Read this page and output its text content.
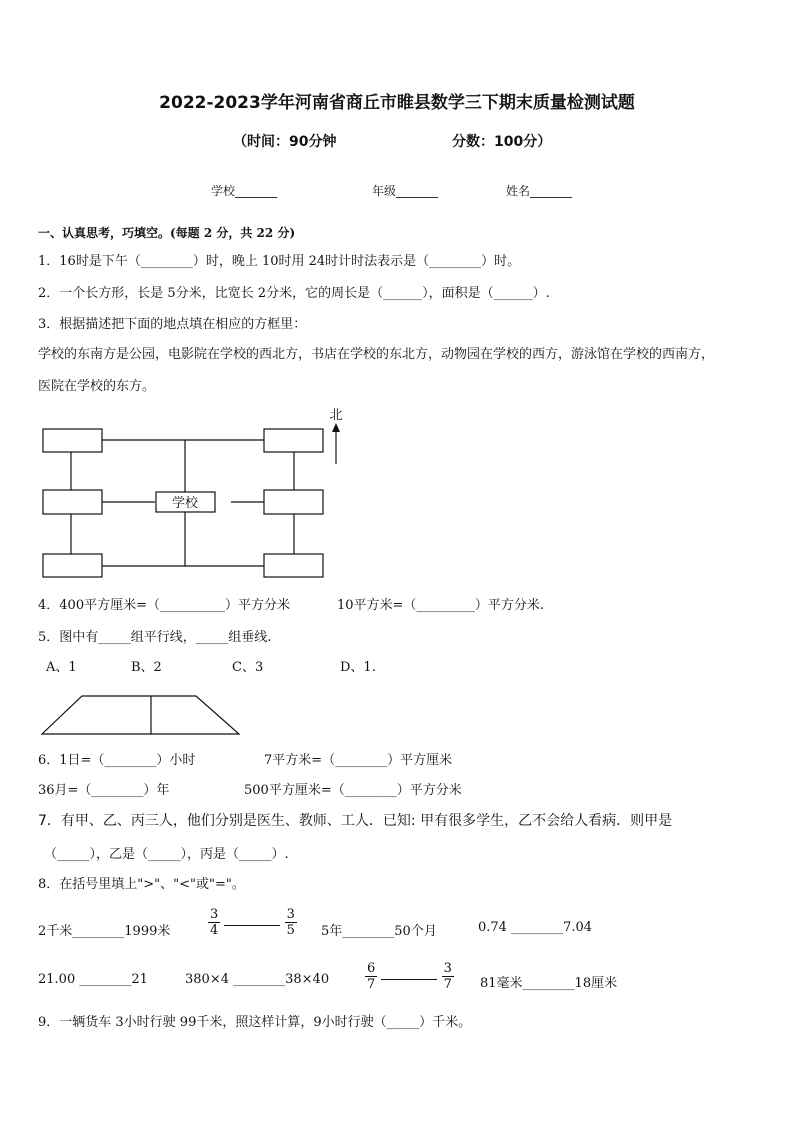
2022-2023学年河南省商丘市睢县数学三下期末质量检测试题
（时间：90分钟	分数：100分）
学校_______	年级_______	姓名_______
一、认真思考，巧填空。(每题 2 分，共 22 分)
1．16时是下午（________）时，晚上 10时用 24时计时法表示是（________）时。
2．一个长方形，长是 5分米，比宽长 2分米，它的周长是（______），面积是（______）.
3．根据描述把下面的地点填在相应的方框里：
学校的东南方是公园，电影院在学校的西北方，书店在学校的东北方，动物园在学校的西方，游泳馆在学校的西南方，
医院在学校的东方。
学校
北
4．400平方厘米=（__________）平方分米	10平方米=（_________）平方分米.
5．图中有_____组平行线，_____组垂线.
A、1	B、2	C、3	D、1.
6．1日=（________）小时	7平方米=（________）平方厘米
36月=（________）年	500平方厘米=（________）平方分米
7．有甲、乙、丙三人，他们分别是医生、教师、工人．已知: 甲有很多学生，乙不会给人看病．则甲是
（_____），乙是（_____），丙是（_____）.
8．在括号里填上">"、"<"或"="。
2千米________1999米	$\frac{3}{4}$
	$\frac{3}{5} 5$年________50个月	0.74 ________7.04
21.00 ________21	380×4 ________38×40	$\frac{6}{7}$
	$\frac{3}{7} 81$毫米________18厘米
9．一辆货车 3小时行驶 99千米，照这样计算，9小时行驶（_____）千米。
